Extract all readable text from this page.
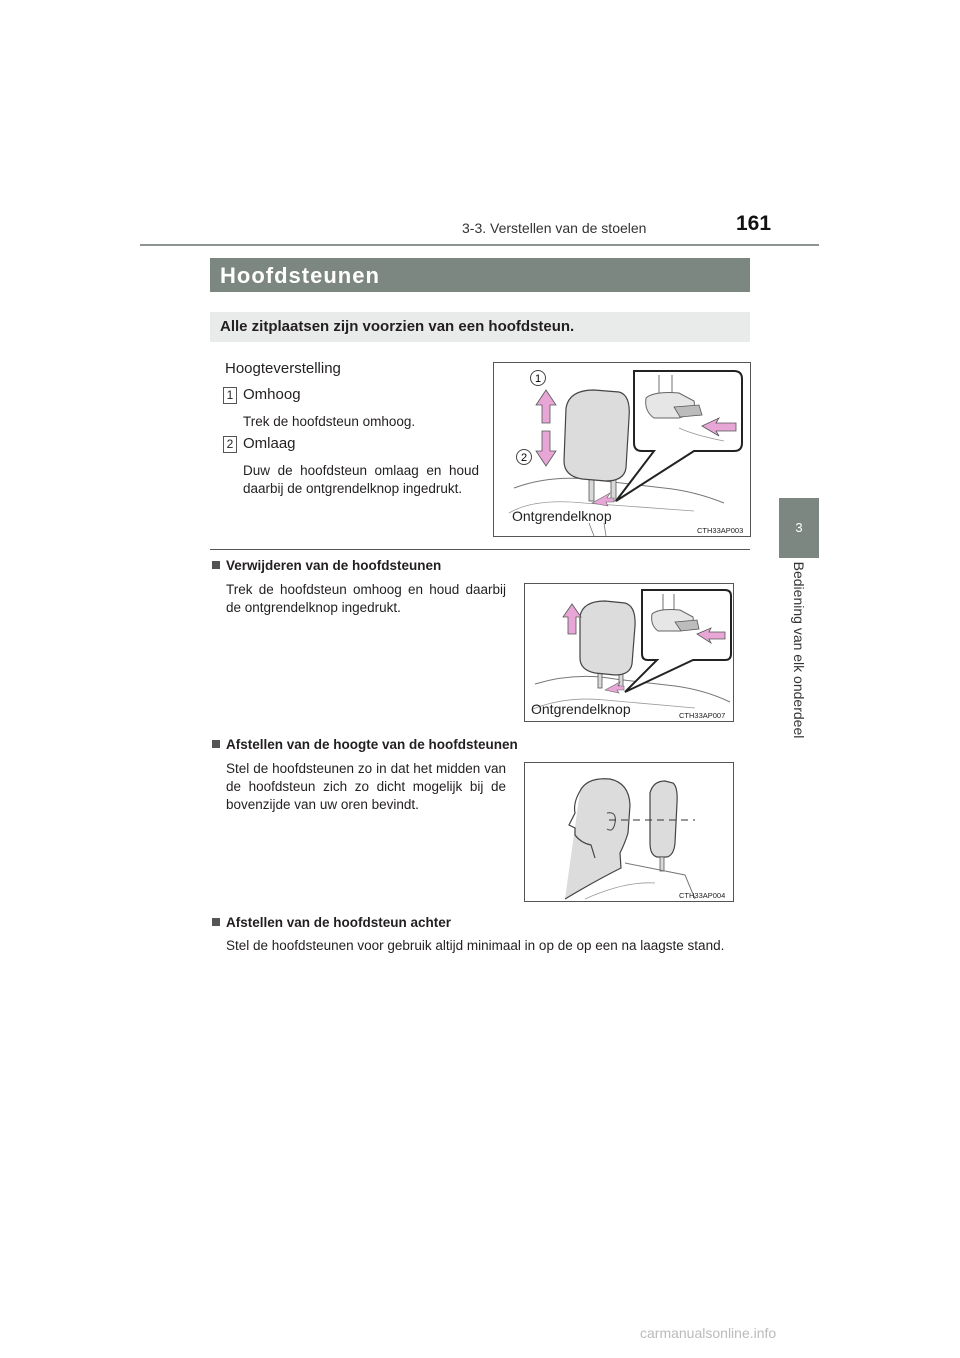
3-3. Verstellen van de stoelen	161
3
Bediening van elk onderdeel
Hoofdsteunen
Alle zitplaatsen zijn voorzien van een hoofdsteun.
Hoogteverstelling
1 Omhoog
Trek de hoofdsteun omhoog.
2 Omlaag
Duw de hoofdsteun omlaag en houd daarbij de ontgrendelknop ingedrukt.
1
2
Ontgrendelknop
CTH33AP003
Verwijderen van de hoofdsteunen
Trek de hoofdsteun omhoog en houd daarbij de ontgrendelknop ingedrukt.
Ontgrendelknop	CTH33AP007
Afstellen van de hoogte van de hoofdsteunen
Stel de hoofdsteunen zo in dat het midden van de hoofdsteun zich zo dicht mogelijk bij de bovenzijde van uw oren bevindt.
CTH33AP004
Afstellen van de hoofdsteun achter
Stel de hoofdsteunen voor gebruik altijd minimaal in op de op een na laagste stand.
carmanualsonline.info
